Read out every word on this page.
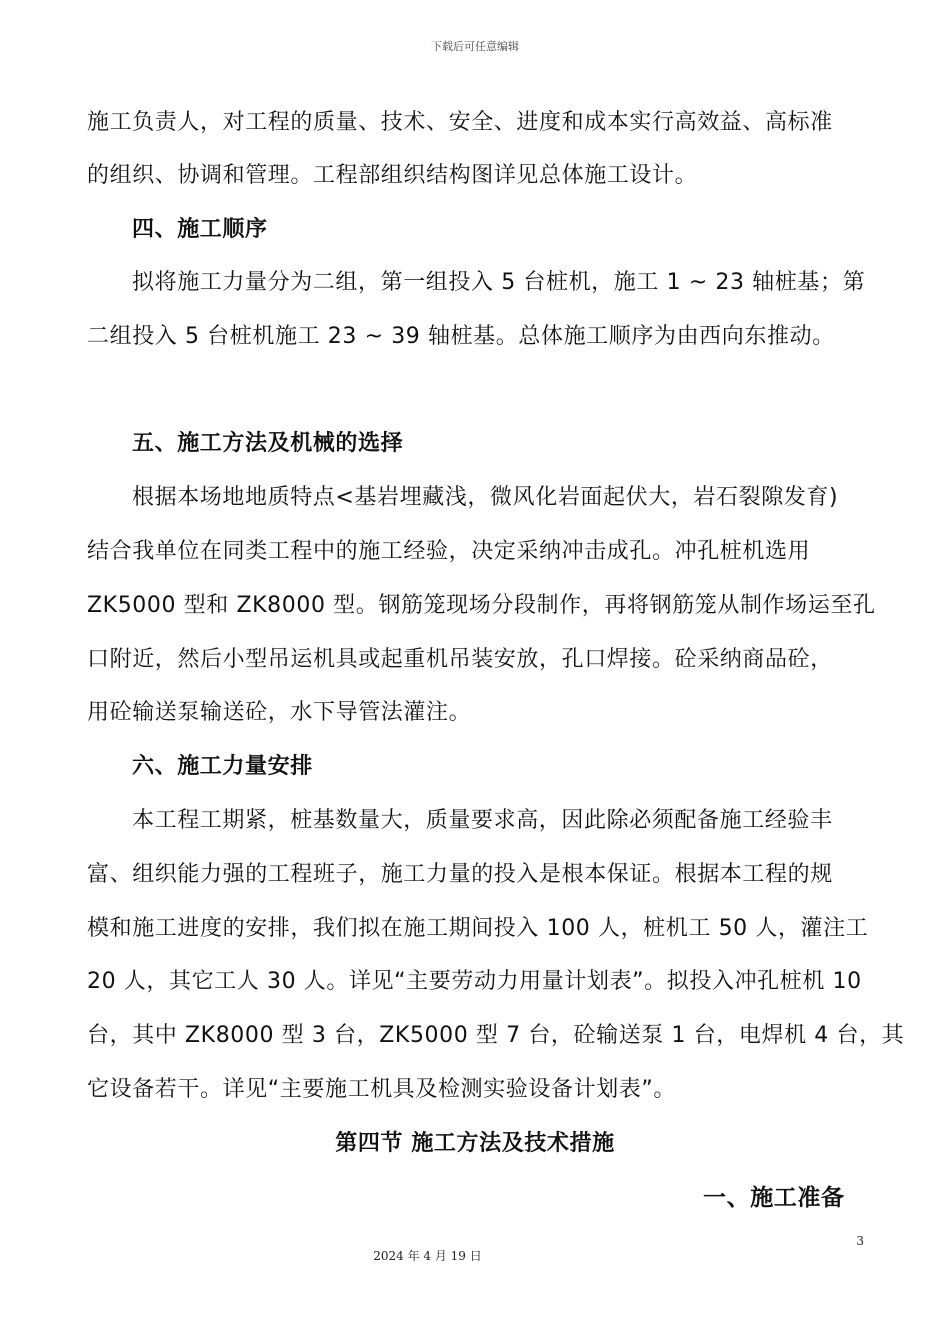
下载后可任意编辑
施工负责人，对工程的质量、技术、安全、进度和成本实行高效益、高标准
的组织、协调和管理。工程部组织结构图详见总体施工设计。
四、施工顺序
拟将施工力量分为二组，第一组投入 5 台桩机，施工 1 ~ 23 轴桩基；第
二组投入 5 台桩机施工 23 ~ 39 轴桩基。总体施工顺序为由西向东推动。
五、施工方法及机械的选择
根据本场地地质特点<基岩埋藏浅，微风化岩面起伏大，岩石裂隙发育)
结合我单位在同类工程中的施工经验，决定采纳冲击成孔。冲孔桩机选用
ZK5000 型和 ZK8000 型。钢筋笼现场分段制作，再将钢筋笼从制作场运至孔
口附近，然后小型吊运机具或起重机吊装安放，孔口焊接。砼采纳商品砼，
用砼输送泵输送砼，水下导管法灌注。
六、施工力量安排
本工程工期紧，桩基数量大，质量要求高，因此除必须配备施工经验丰
富、组织能力强的工程班子，施工力量的投入是根本保证。根据本工程的规
模和施工进度的安排，我们拟在施工期间投入 100 人，桩机工 50 人，灌注工
20 人，其它工人 30 人。详见“主要劳动力用量计划表”。拟投入冲孔桩机 10
台，其中 ZK8000 型 3 台，ZK5000 型 7 台，砼输送泵 1 台，电焊机 4 台，其
它设备若干。详见“主要施工机具及检测实验设备计划表”。
第四节 施工方法及技术措施
一、施工准备
3
2024 年 4 月 19 日
